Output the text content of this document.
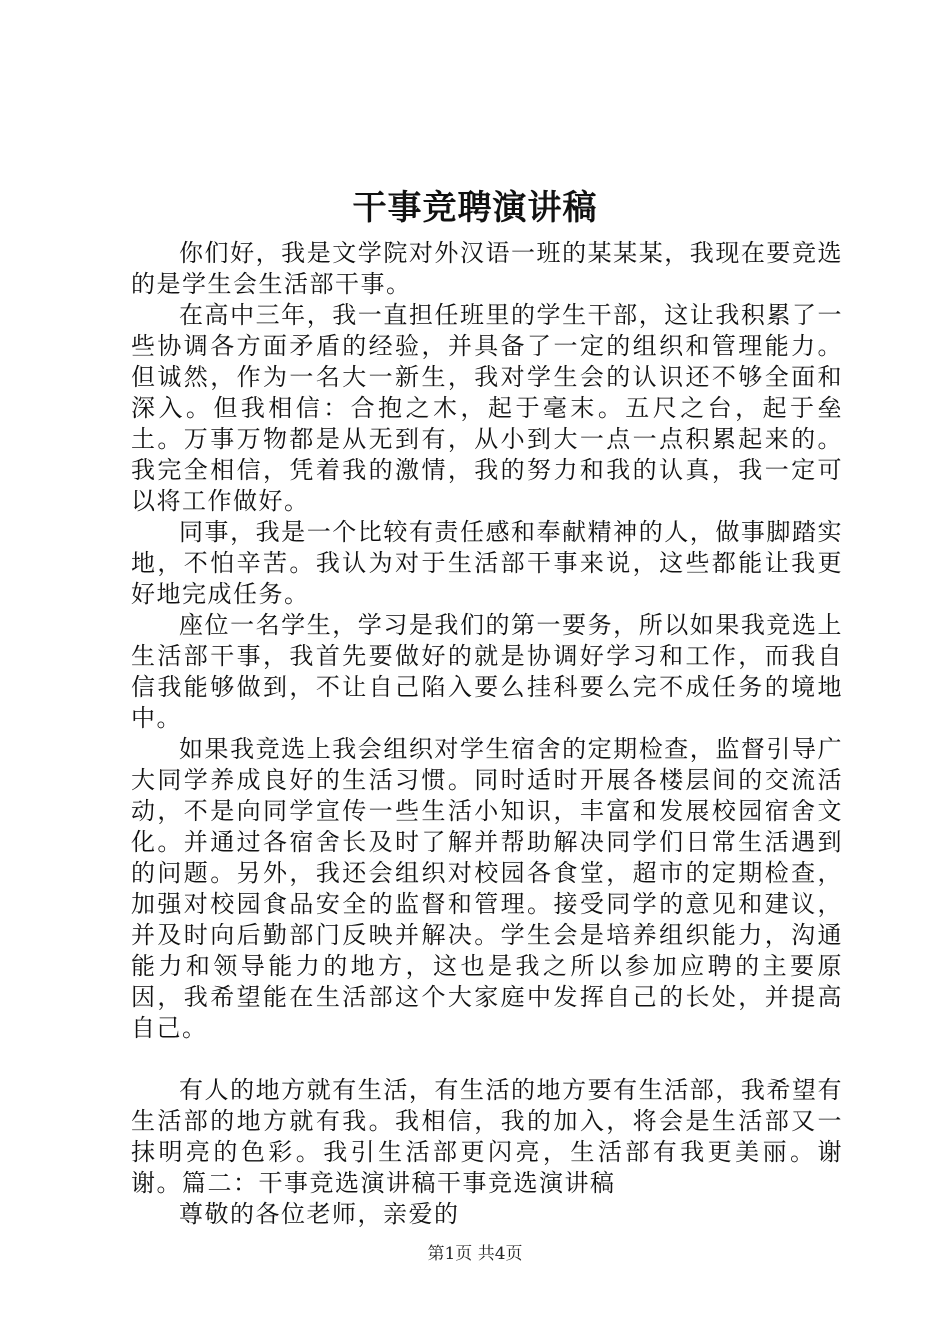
干事竞聘演讲稿

你们好，我是文学院对外汉语一班的某某某，我现在要竞选的是学生会生活部干事。

在高中三年，我一直担任班里的学生干部，这让我积累了一些协调各方面矛盾的经验，并具备了一定的组织和管理能力。但诚然，作为一名大一新生，我对学生会的认识还不够全面和深入。但我相信：合抱之木，起于毫末。五尺之台，起于垒土。万事万物都是从无到有，从小到大一点一点积累起来的。我完全相信，凭着我的激情，我的努力和我的认真，我一定可以将工作做好。

同事，我是一个比较有责任感和奉献精神的人，做事脚踏实地，不怕辛苦。我认为对于生活部干事来说，这些都能让我更好地完成任务。

座位一名学生，学习是我们的第一要务，所以如果我竞选上生活部干事，我首先要做好的就是协调好学习和工作，而我自信我能够做到，不让自己陷入要么挂科要么完不成任务的境地中。

如果我竞选上我会组织对学生宿舍的定期检查，监督引导广大同学养成良好的生活习惯。同时适时开展各楼层间的交流活动，不是向同学宣传一些生活小知识，丰富和发展校园宿舍文化。并通过各宿舍长及时了解并帮助解决同学们日常生活遇到的问题。另外，我还会组织对校园各食堂，超市的定期检查，加强对校园食品安全的监督和管理。接受同学的意见和建议，并及时向后勤部门反映并解决。学生会是培养组织能力，沟通能力和领导能力的地方，这也是我之所以参加应聘的主要原因，我希望能在生活部这个大家庭中发挥自己的长处，并提高自己。

有人的地方就有生活，有生活的地方要有生活部，我希望有生活部的地方就有我。我相信，我的加入，将会是生活部又一抹明亮的色彩。我引生活部更闪亮，生活部有我更美丽。谢谢。篇二：干事竞选演讲稿干事竞选演讲稿

尊敬的各位老师，亲爱的

第1页 共4页
